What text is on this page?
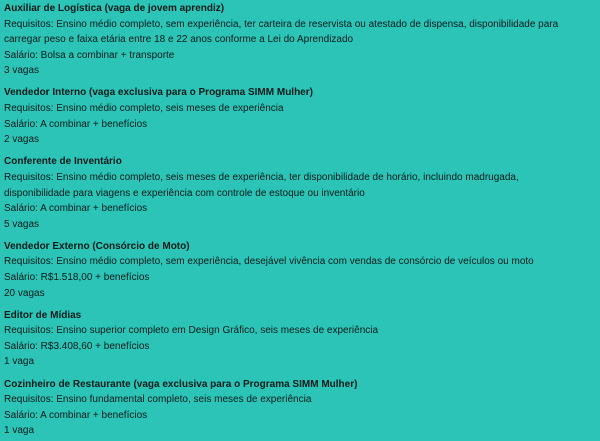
Auxiliar de Logística (vaga de jovem aprendiz)
Requisitos: Ensino médio completo, sem experiência, ter carteira de reservista ou atestado de dispensa, disponibilidade para carregar peso e faixa etária entre 18 e 22 anos conforme a Lei do Aprendizado
Salário: Bolsa a combinar + transporte
3 vagas
Vendedor Interno (vaga exclusiva para o Programa SIMM Mulher)
Requisitos: Ensino médio completo, seis meses de experiência
Salário: A combinar + benefícios
2 vagas
Conferente de Inventário
Requisitos: Ensino médio completo, seis meses de experiência, ter disponibilidade de horário, incluindo madrugada, disponibilidade para viagens e experiência com controle de estoque ou inventário
Salário: A combinar + benefícios
5 vagas
Vendedor Externo (Consórcio de Moto)
Requisitos: Ensino médio completo, sem experiência, desejável vivência com vendas de consórcio de veículos ou moto
Salário: R$1.518,00 + benefícios
20 vagas
Editor de Mídias
Requisitos: Ensino superior completo em Design Gráfico, seis meses de experiência
Salário: R$3.408,60 + benefícios
1 vaga
Cozinheiro de Restaurante (vaga exclusiva para o Programa SIMM Mulher)
Requisitos: Ensino fundamental completo, seis meses de experiência
Salário: A combinar + benefícios
1 vaga
